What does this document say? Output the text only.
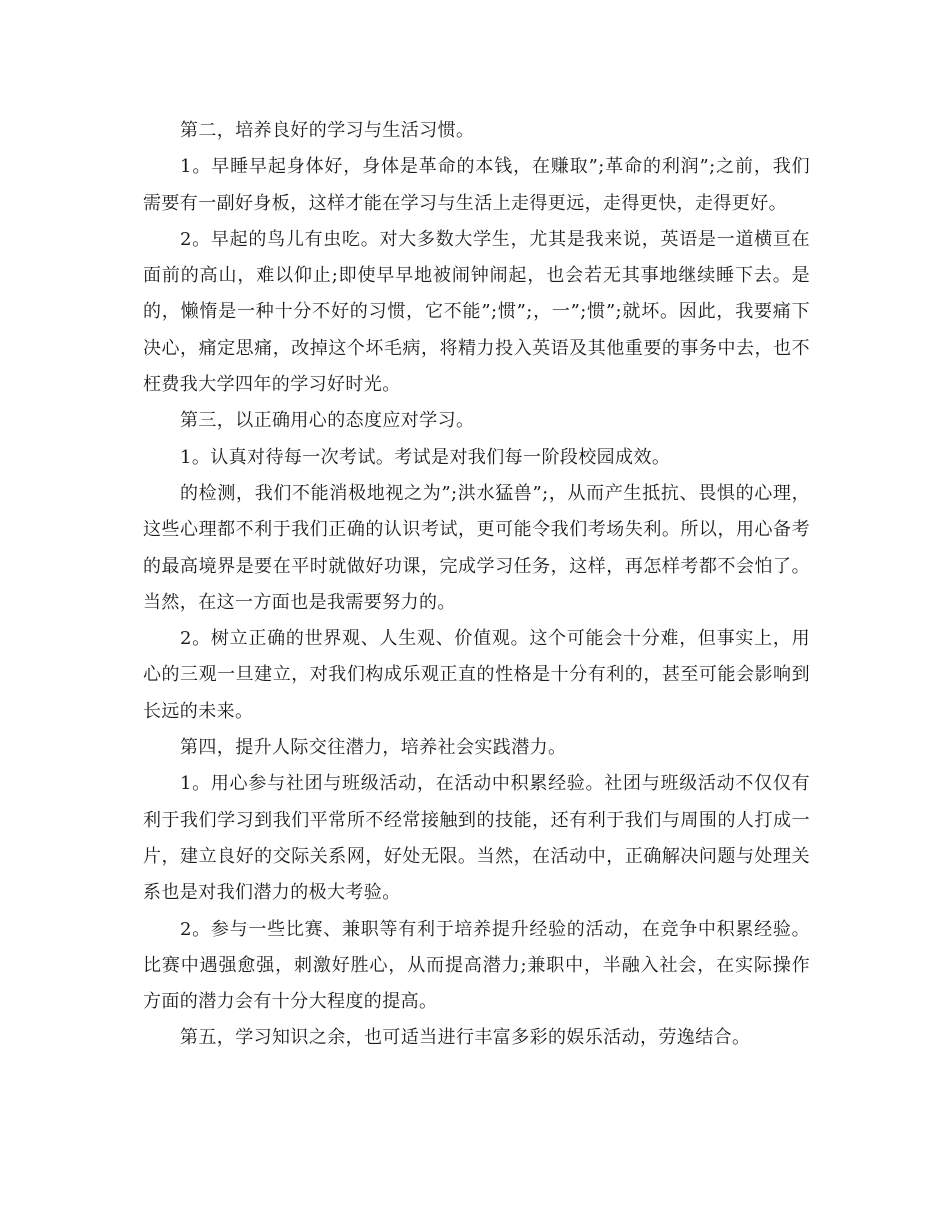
第二，培养良好的学习与生活习惯。

1。早睡早起身体好，身体是革命的本钱，在赚取”;革命的利润”;之前，我们需要有一副好身板，这样才能在学习与生活上走得更远，走得更快，走得更好。

2。早起的鸟儿有虫吃。对大多数大学生，尤其是我来说，英语是一道横亘在面前的高山，难以仰止;即使早早地被闹钟闹起，也会若无其事地继续睡下去。是的，懒惰是一种十分不好的习惯，它不能”;惯”;，一”;惯”;就坏。因此，我要痛下决心，痛定思痛，改掉这个坏毛病，将精力投入英语及其他重要的事务中去，也不枉费我大学四年的学习好时光。

第三，以正确用心的态度应对学习。

1。认真对待每一次考试。考试是对我们每一阶段校园成效。

的检测，我们不能消极地视之为”;洪水猛兽”;，从而产生抵抗、畏惧的心理，这些心理都不利于我们正确的认识考试，更可能令我们考场失利。所以，用心备考的最高境界是要在平时就做好功课，完成学习任务，这样，再怎样考都不会怕了。当然，在这一方面也是我需要努力的。

2。树立正确的世界观、人生观、价值观。这个可能会十分难，但事实上，用心的三观一旦建立，对我们构成乐观正直的性格是十分有利的，甚至可能会影响到长远的未来。

第四，提升人际交往潜力，培养社会实践潜力。

1。用心参与社团与班级活动，在活动中积累经验。社团与班级活动不仅仅有利于我们学习到我们平常所不经常接触到的技能，还有利于我们与周围的人打成一片，建立良好的交际关系网，好处无限。当然，在活动中，正确解决问题与处理关系也是对我们潜力的极大考验。

2。参与一些比赛、兼职等有利于培养提升经验的活动，在竞争中积累经验。比赛中遇强愈强，刺激好胜心，从而提高潜力;兼职中，半融入社会，在实际操作方面的潜力会有十分大程度的提高。

第五，学习知识之余，也可适当进行丰富多彩的娱乐活动，劳逸结合。
